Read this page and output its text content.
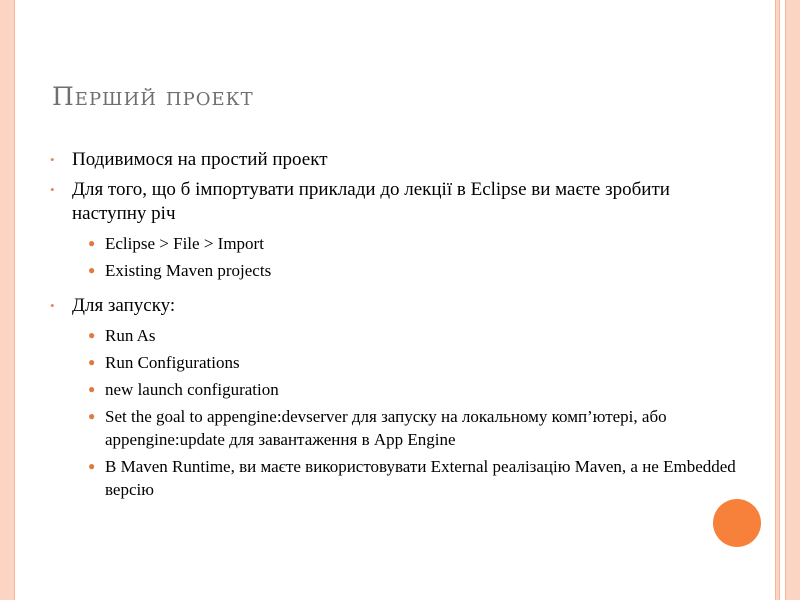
Перший проект
• Подивимося на простий проект
• Для того, що б імпортувати приклади до лекції в Eclipse ви маєте зробити наступну річ
● Eclipse > File > Import
● Existing Maven projects
• Для запуску:
● Run As
● Run Configurations
● new launch configuration
● Set the goal to appengine:devserver для запуску на локальному комп’ютері, або appengine:update для завантаження в App Engine
● В Maven Runtime, ви маєте використовувати External реалізацію Maven, а не Embedded версію
